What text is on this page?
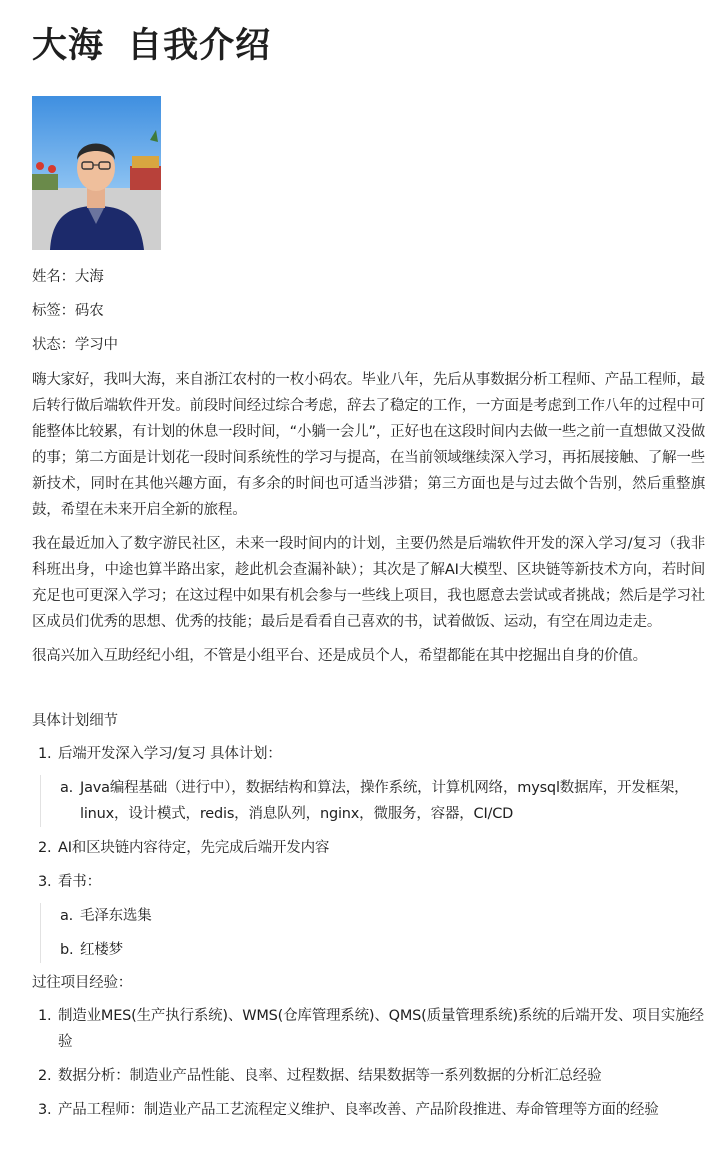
大海 自我介绍
姓名：大海
标签：码农
状态：学习中

嗨大家好，我叫大海，来自浙江农村的一枚小码农。毕业八年，先后从事数据分析工程师、产品工程师，最后转行做后端软件开发。前段时间经过综合考虑，辞去了稳定的工作，一方面是考虑到工作八年的过程中可能整体比较累，有计划的休息一段时间，“小躺一会儿”，正好也在这段时间内去做一些之前一直想做又没做的事；第二方面是计划花一段时间系统性的学习与提高，在当前领域继续深入学习，再拓展接触、了解一些新技术，同时在其他兴趣方面，有多余的时间也可适当涉猎；第三方面也是与过去做个告别，然后重整旗鼓，希望在未来开启全新的旅程。

我在最近加入了数字游民社区，未来一段时间内的计划，主要仍然是后端软件开发的深入学习/复习（我非科班出身，中途也算半路出家，趁此机会查漏补缺）；其次是了解AI大模型、区块链等新技术方向，若时间充足也可更深入学习；在这过程中如果有机会参与一些线上项目，我也愿意去尝试或者挑战；然后是学习社区成员们优秀的思想、优秀的技能；最后是看看自己喜欢的书，试着做饭、运动，有空在周边走走。

很高兴加入互助经纪小组，不管是小组平台、还是成员个人，希望都能在其中挖掘出自身的价值。

具体计划细节
1. 后端开发深入学习/复习 具体计划：
a. Java编程基础（进行中），数据结构和算法，操作系统，计算机网络，mysql数据库，开发框架，linux，设计模式，redis，消息队列，nginx，微服务，容器，CI/CD
2. AI和区块链内容待定，先完成后端开发内容
3. 看书：
a. 毛泽东选集
b. 红楼梦
过往项目经验：
1. 制造业MES(生产执行系统)、WMS(仓库管理系统)、QMS(质量管理系统)系统的后端开发、项目实施经验
2. 数据分析：制造业产品性能、良率、过程数据、结果数据等一系列数据的分析汇总经验
3. 产品工程师：制造业产品工艺流程定义维护、良率改善、产品阶段推进、寿命管理等方面的经验
